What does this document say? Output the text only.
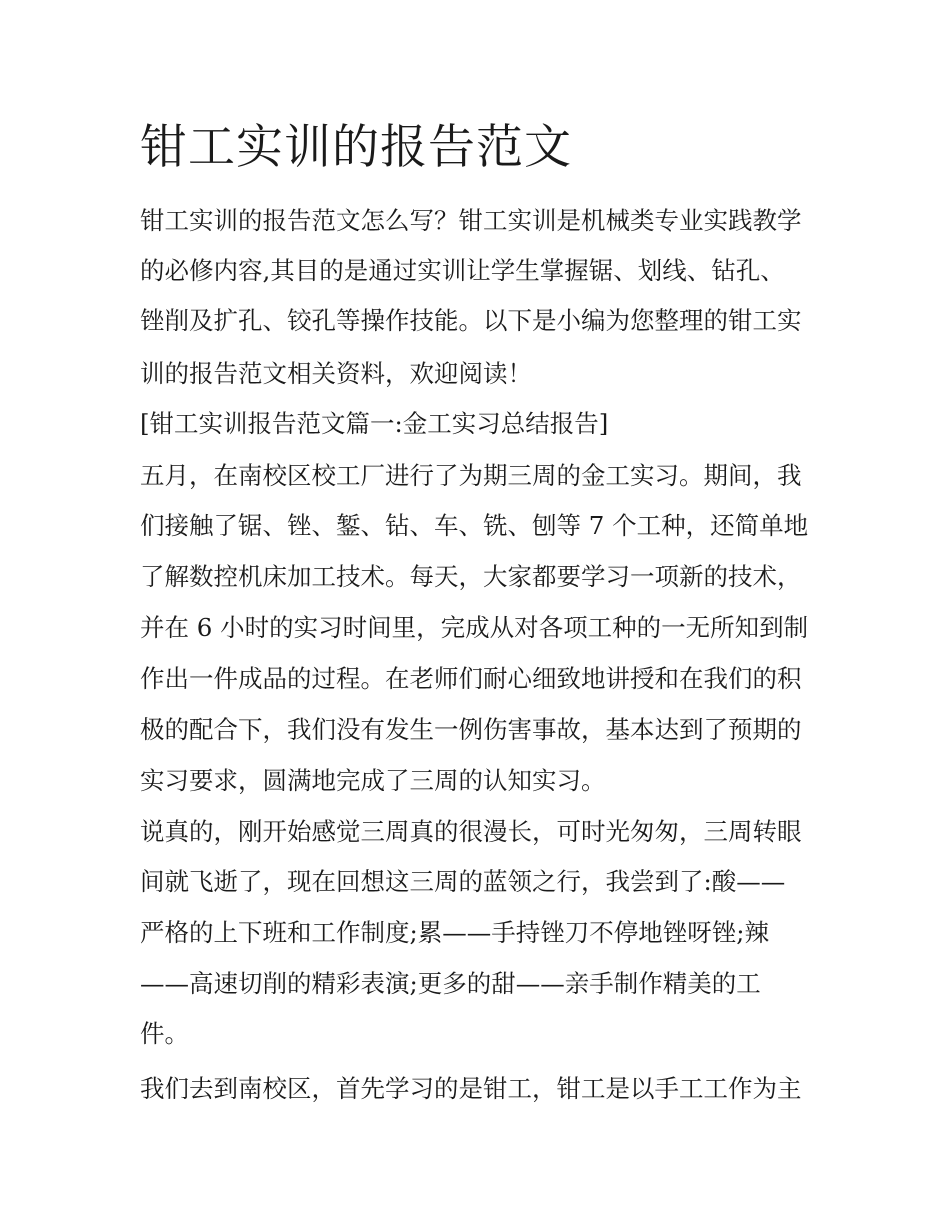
钳工实训的报告范文

钳工实训的报告范文怎么写？钳工实训是机械类专业实践教学

的必修内容,其目的是通过实训让学生掌握锯、划线、钻孔、

锉削及扩孔、铰孔等操作技能。以下是小编为您整理的钳工实

训的报告范文相关资料，欢迎阅读！

[钳工实训报告范文篇一:金工实习总结报告]

五月，在南校区校工厂进行了为期三周的金工实习。期间，我

们接触了锯、锉、錾、钻、车、铣、刨等 7 个工种，还简单地

了解数控机床加工技术。每天，大家都要学习一项新的技术，

并在 6 小时的实习时间里，完成从对各项工种的一无所知到制

作出一件成品的过程。在老师们耐心细致地讲授和在我们的积

极的配合下，我们没有发生一例伤害事故，基本达到了预期的

实习要求，圆满地完成了三周的认知实习。

说真的，刚开始感觉三周真的很漫长，可时光匆匆，三周转眼

间就飞逝了，现在回想这三周的蓝领之行，我尝到了:酸——

严格的上下班和工作制度;累——手持锉刀不停地锉呀锉;辣

——高速切削的精彩表演;更多的甜——亲手制作精美的工

件。

我们去到南校区，首先学习的是钳工，钳工是以手工工作为主
